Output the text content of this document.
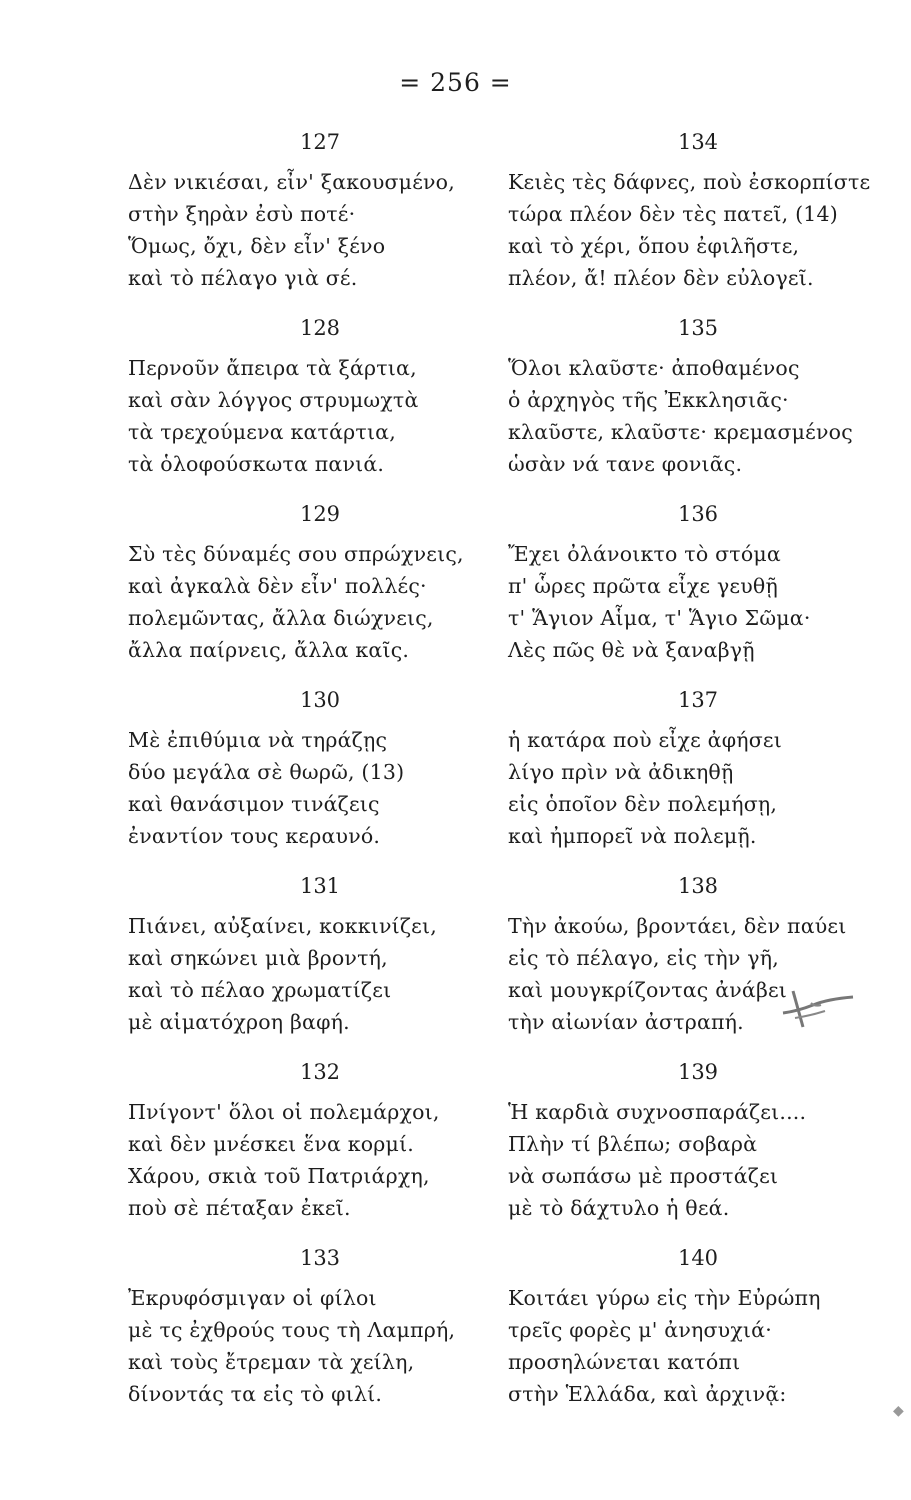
= 256 =
127
Δὲν νικιέσαι, εἶν' ξακουσμένο,
στὴν ξηρὰν ἐσὺ ποτέ·
Ὅμως, ὄχι, δὲν εἶν' ξένο
καὶ τὸ πέλαγο γιὰ σέ.
128
Περνοῦν ἄπειρα τὰ ξάρτια,
καὶ σὰν λόγγος στρυμωχτὰ
τὰ τρεχούμενα κατάρτια,
τὰ ὁλοφούσκωτα πανιά.
129
Σὺ τὲς δύναμές σου σπρώχνεις,
καὶ ἀγκαλὰ δὲν εἶν' πολλές·
πολεμῶντας, ἄλλα διώχνεις,
ἄλλα παίρνεις, ἄλλα καῖς.
130
Μὲ ἐπιθύμια νὰ τηράζῃς
δύο μεγάλα σὲ θωρῶ, (13)
καὶ θανάσιμον τινάζεις
ἐναντίον τους κεραυνό.
131
Πιάνει, αὐξαίνει, κοκκινίζει,
καὶ σηκώνει μιὰ βροντή,
καὶ τὸ πέλαο χρωματίζει
μὲ αἱματόχροη βαφή.
132
Πνίγοντ' ὅλοι οἱ πολεμάρχοι,
καὶ δὲν μνέσκει ἕνα κορμί.
Χάρου, σκιὰ τοῦ Πατριάρχη,
ποὺ σὲ πέταξαν ἐκεῖ.
133
Ἐκρυφόσμιγαν οἱ φίλοι
μὲ τς ἐχθρούς τους τὴ Λαμπρή,
καὶ τοὺς ἔτρεμαν τὰ χείλη,
δίνοντάς τα εἰς τὸ φιλί.
134
Κειὲς τὲς δάφνες, ποὺ ἐσκορπίστε
τώρα πλέον δὲν τὲς πατεῖ, (14)
καὶ τὸ χέρι, ὅπου ἐφιλῆστε,
πλέον, ἄ! πλέον δὲν εὐλογεῖ.
135
Ὅλοι κλαῦστε· ἀποθαμένος
ὁ ἀρχηγὸς τῆς Ἐκκλησιᾶς·
κλαῦστε, κλαῦστε· κρεμασμένος
ὡσὰν νά τανε φονιᾶς.
136
Ἔχει ὀλάνοικτο τὸ στόμα
π' ὧρες πρῶτα εἶχε γευθῇ
τ' Ἅγιον Αἷμα, τ' Ἅγιο Σῶμα·
Λὲς πῶς θὲ νὰ ξαναβγῇ
137
ἡ κατάρα ποὺ εἶχε ἀφήσει
λίγο πρὶν νὰ ἀδικηθῇ
εἰς ὁποῖον δὲν πολεμήσῃ,
καὶ ἠμπορεῖ νὰ πολεμῇ.
138
Τὴν ἀκούω, βροντάει, δὲν παύει
εἰς τὸ πέλαγο, εἰς τὴν γῆ,
καὶ μουγκρίζοντας ἀνάβει
τὴν αἰωνίαν ἀστραπή.
139
Ἡ καρδιὰ συχνοσπαράζει....
Πλὴν τί βλέπω; σοβαρὰ
νὰ σωπάσω μὲ προστάζει
μὲ τὸ δάχτυλο ἡ θεά.
140
Κοιτάει γύρω εἰς τὴν Εὐρώπη
τρεῖς φορὲς μ' ἀνησυχιά·
προσηλώνεται κατόπι
στὴν Ἑλλάδα, καὶ ἀρχινᾷ:
◆
